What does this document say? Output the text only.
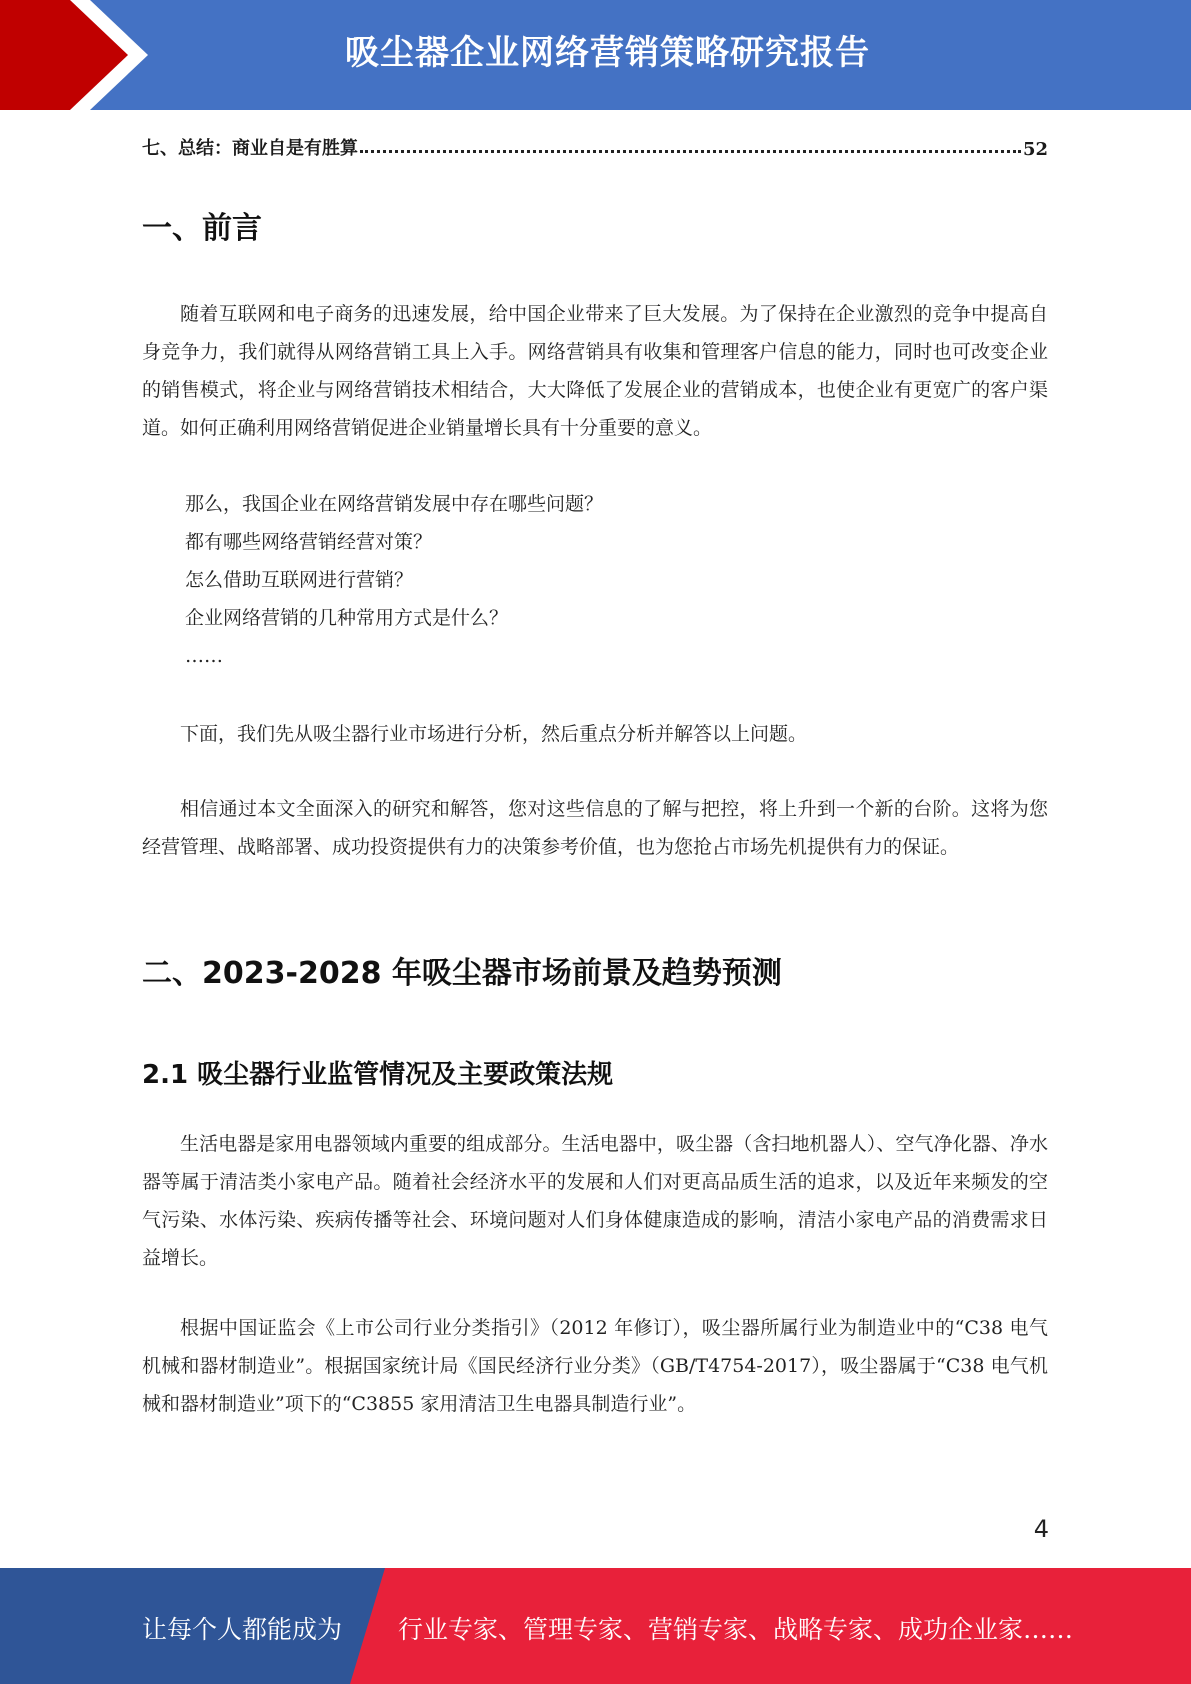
吸尘器企业网络营销策略研究报告
七、总结：商业自是有胜算	52
一、前言

随着互联网和电子商务的迅速发展，给中国企业带来了巨大发展。为了保持在企业激烈的竞争中提高自身竞争力，我们就得从网络营销工具上入手。网络营销具有收集和管理客户信息的能力，同时也可改变企业的销售模式，将企业与网络营销技术相结合，大大降低了发展企业的营销成本，也使企业有更宽广的客户渠道。如何正确利用网络营销促进企业销量增长具有十分重要的意义。

那么，我国企业在网络营销发展中存在哪些问题？
都有哪些网络营销经营对策？
怎么借助互联网进行营销？
企业网络营销的几种常用方式是什么？
……

下面，我们先从吸尘器行业市场进行分析，然后重点分析并解答以上问题。

相信通过本文全面深入的研究和解答，您对这些信息的了解与把控，将上升到一个新的台阶。这将为您经营管理、战略部署、成功投资提供有力的决策参考价值，也为您抢占市场先机提供有力的保证。

二、2023-2028 年吸尘器市场前景及趋势预测
2.1 吸尘器行业监管情况及主要政策法规

生活电器是家用电器领域内重要的组成部分。生活电器中，吸尘器（含扫地机器人）、空气净化器、净水器等属于清洁类小家电产品。随着社会经济水平的发展和人们对更高品质生活的追求，以及近年来频发的空气污染、水体污染、疾病传播等社会、环境问题对人们身体健康造成的影响，清洁小家电产品的消费需求日益增长。

根据中国证监会《上市公司行业分类指引》（2012 年修订），吸尘器所属行业为制造业中的“C38 电气机械和器材制造业”。根据国家统计局《国民经济行业分类》（GB/T4754-2017），吸尘器属于“C38 电气机械和器材制造业”项下的“C3855 家用清洁卫生电器具制造行业”。

4
让每个人都能成为 行业专家、管理专家、营销专家、战略专家、成功企业家……
